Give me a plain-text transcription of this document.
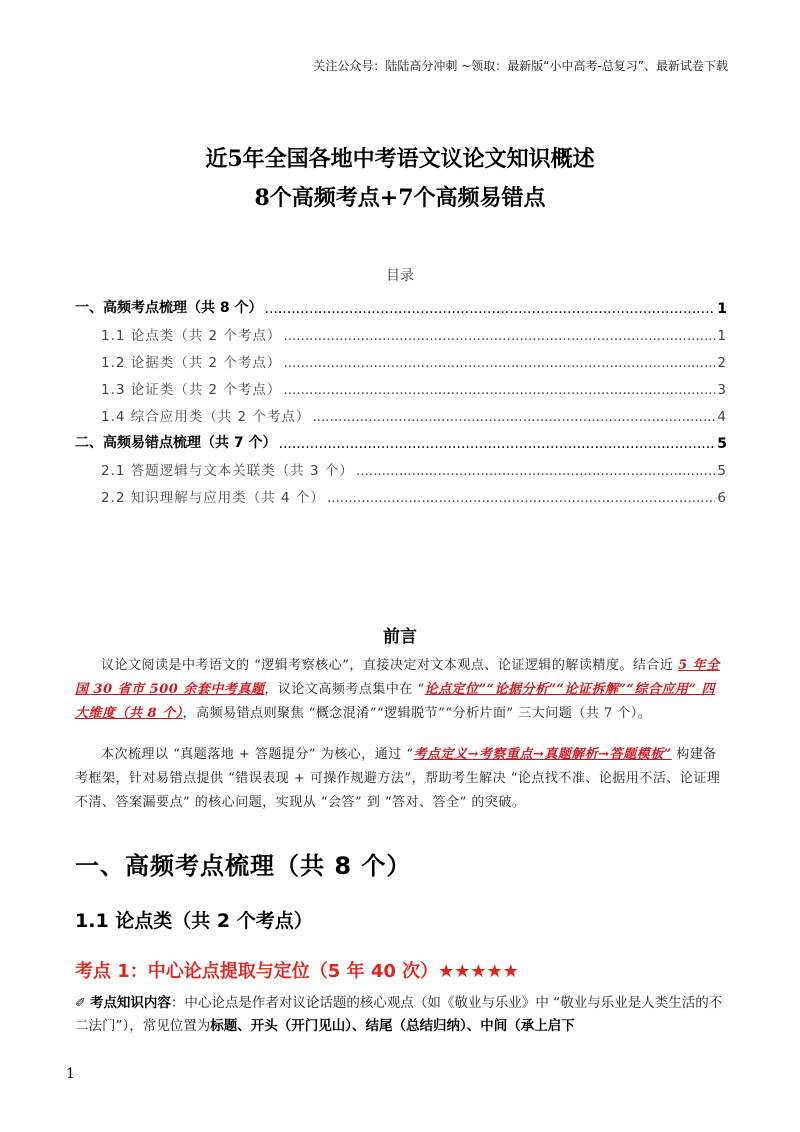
关注公众号：陆陆高分冲刺 ~领取：最新版“小中高考-总复习”、最新试卷下载
近5年全国各地中考语文议论文知识概述
8个高频考点+7个高频易错点
目录
一、高频考点梳理（共 8 个） .....	1
1.1 论点类（共 2 个考点） .....	1
1.2 论据类（共 2 个考点） .....	2
1.3 论证类（共 2 个考点） .....	3
1.4 综合应用类（共 2 个考点） .....	4
二、高频易错点梳理（共 7 个） .....	5
2.1 答题逻辑与文本关联类（共 3 个） .....	5
2.2 知识理解与应用类（共 4 个） .....	6
前言
议论文阅读是中考语文的 “逻辑考察核心”，直接决定对文本观点、论证逻辑的解读精度。结合近 5 年全国 30 省市 500 余套中考真题，议论文高频考点集中在 “论点定位”“论据分析”“论证拆解”“综合应用” 四大维度（共 8 个），高频易错点则聚焦 “概念混淆”“逻辑脱节”“分析片面” 三大问题（共 7 个）。
本次梳理以 “真题落地 + 答题提分” 为核心，通过 “考点定义→考察重点→真题解析→答题模板” 构建备考框架，针对易错点提供 “错误表现 + 可操作规避方法”，帮助考生解决 “论点找不准、论据用不活、论证理不清、答案漏要点” 的核心问题，实现从 “会答” 到 “答对、答全” 的突破。
一、高频考点梳理（共 8 个）
1.1 论点类（共 2 个考点）
考点 1：中心论点提取与定位（5 年 40 次）★★★★★
✐ 考点知识内容：中心论点是作者对议论话题的核心观点（如《敬业与乐业》中 “敬业与乐业是人类生活的不二法门”），常见位置为标题、开头（开门见山）、结尾（总结归纳）、中间（承上启下
1
